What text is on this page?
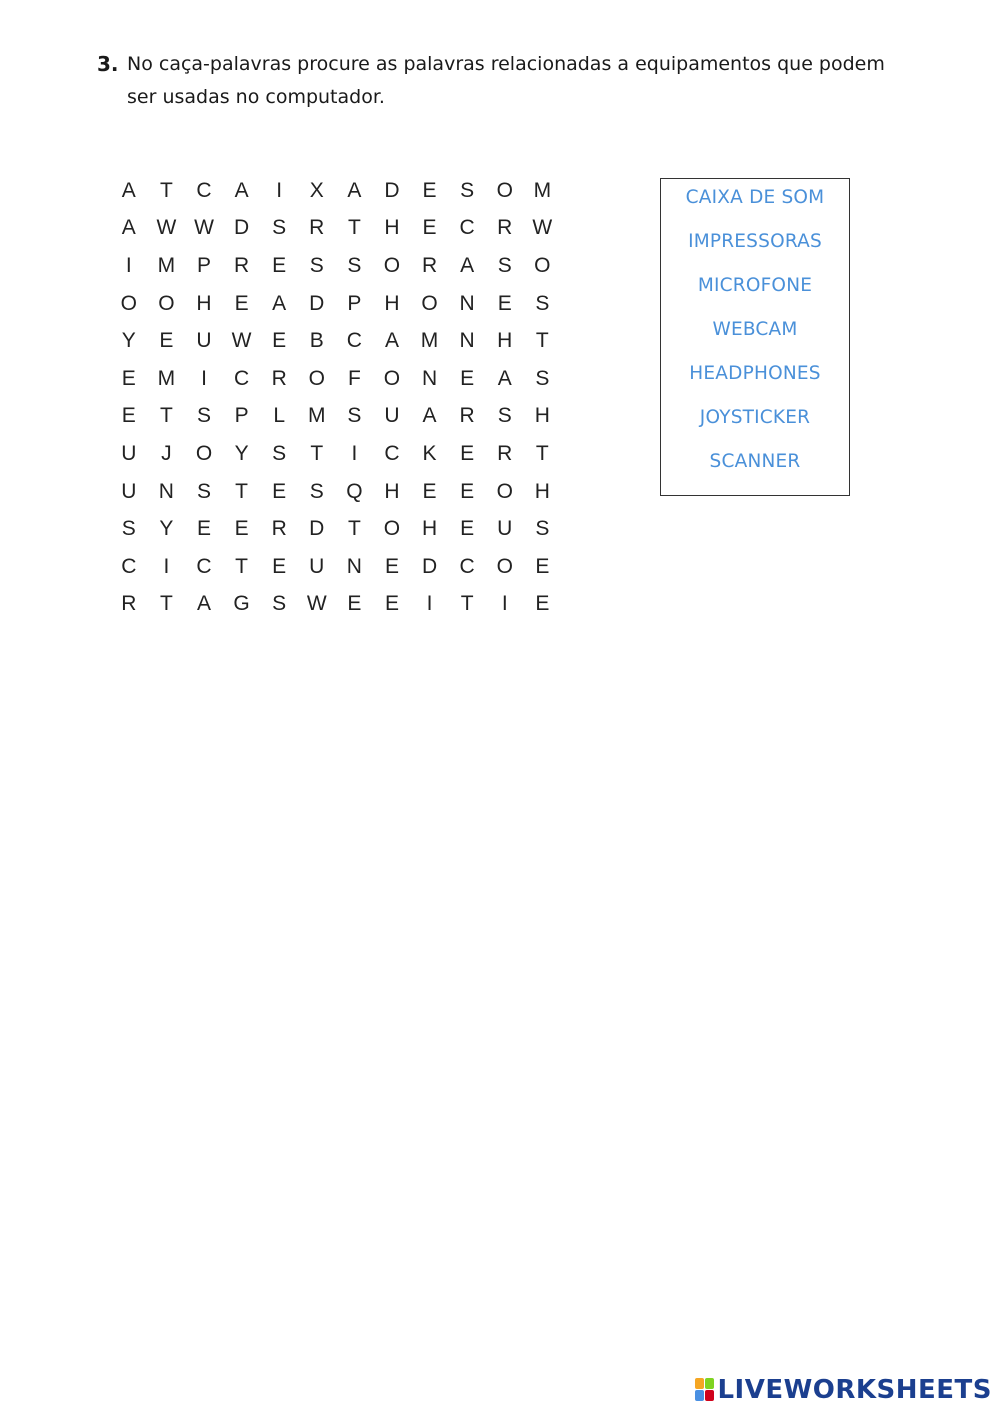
3. No caça-palavras procure as palavras relacionadas a equipamentos que podem ser usadas no computador.
A	T	C	A	I	X	A	D	E	S	O M
A W W D	S	R	T	H	E	C	R W
I	M	P	R	E	S	S	O	R	A	S	O
O	O	H	E	A	D	P	H	O	N	E	S
Y	E	U W E	B	C	A	M	N	H	T
E	M	I	C	R	O	F	O	N	E	A	S
E	T	S	P	L	M	S	U	A	R	S	H
U	J	O	Y	S	T	I	C	K	E	R	T
U	N	S	T	E	S	Q	H	E	E	O	H
S	Y	E	E	R	D	T	O	H	E	U	S
C	I	C	T	E	U	N	E	D	C	O	E
R	T	A	G	S W E	E	I	T	I	E
CAIXA DE SOM
IMPRESSORAS
MICROFONE
WEBCAM
HEADPHONES
JOYSTICKER
SCANNER
LIVEWORKSHEETS
